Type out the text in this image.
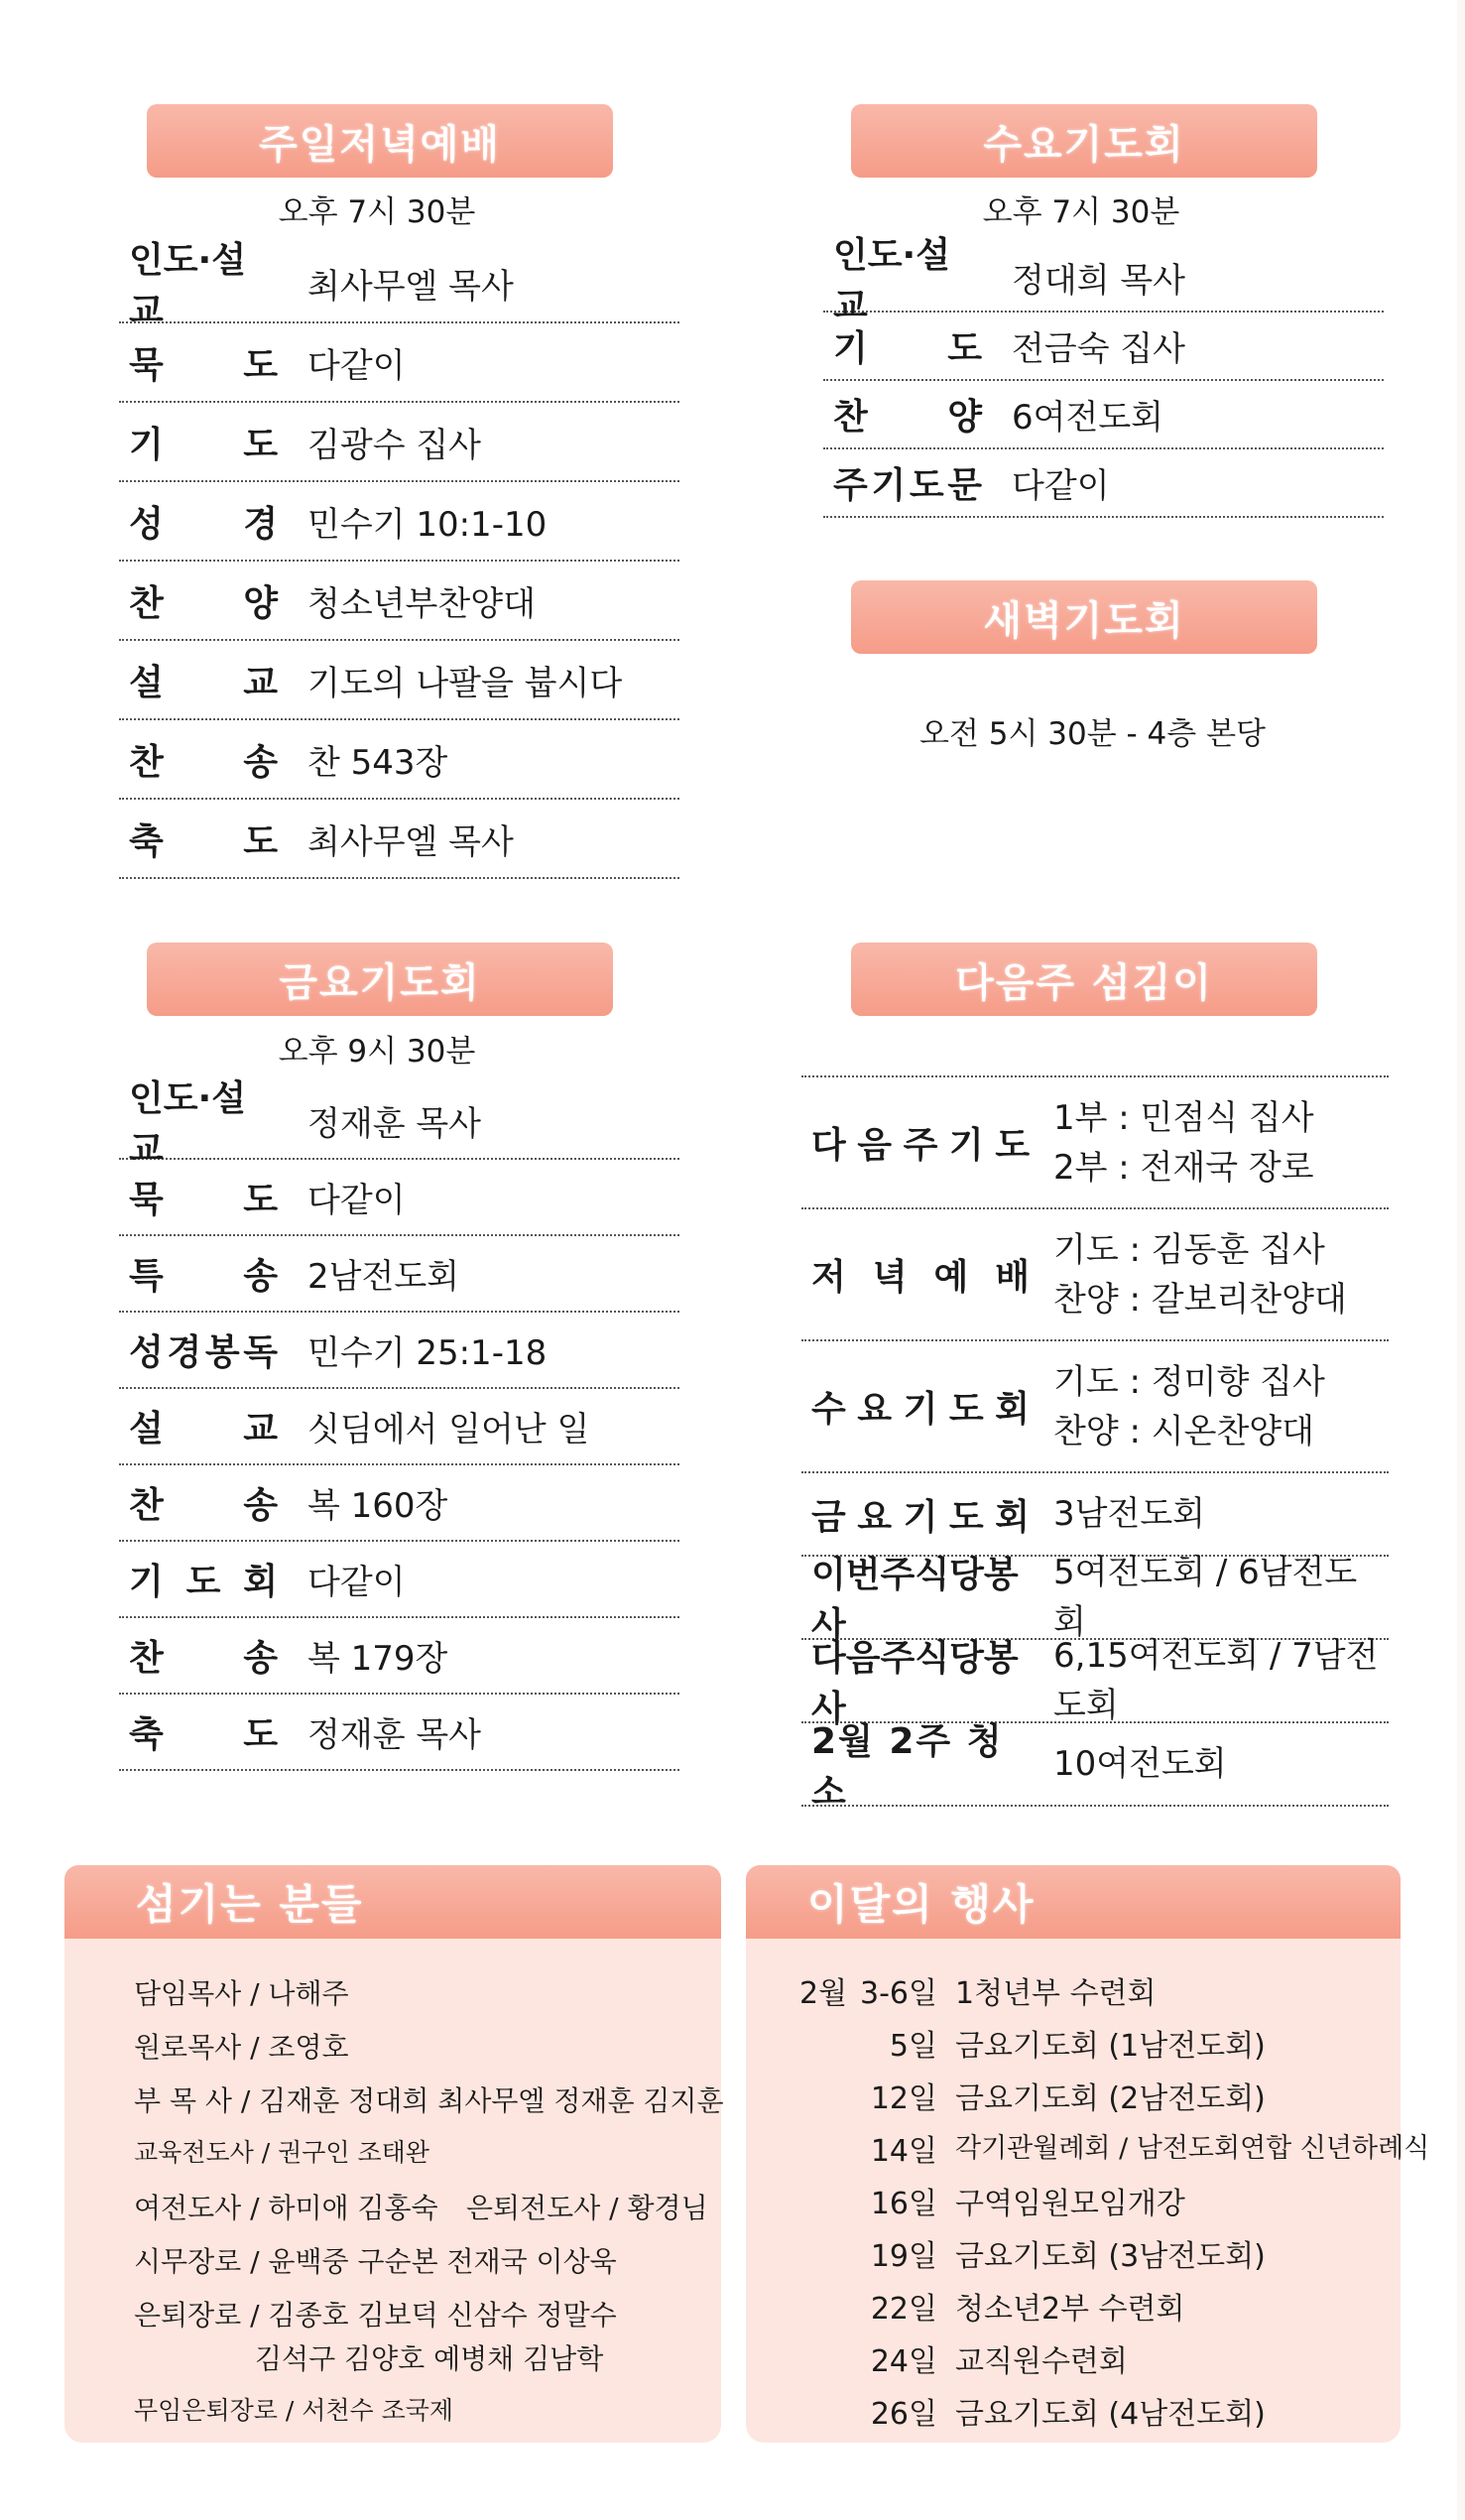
주일저녁예배
오후 7시 30분
인도·설교
최사무엘 목사
묵 도 다같이
기 도 김광수 집사
성 경 민수기 10:1-10
찬 양 청소년부찬양대
설 교 기도의 나팔을 붑시다
찬 송 찬 543장
축 도 최사무엘 목사
수요기도회
오후 7시 30분
인도·설교
정대희 목사
기 도 전금숙 집사
찬 양 6여전도회
주 기 도 문 다같이
새벽기도회
오전 5시 30분 - 4층 본당
금요기도회
오후 9시 30분
인도·설교
정재훈 목사
묵 도 다같이
특 송 2남전도회
성 경 봉 독 민수기 25:1-18
설 교 싯딤에서 일어난 일
찬 송 복 160장
기 도 회 다같이
찬 송 복 179장
축 도 정재훈 목사
다음주 섬김이
다 음 주 기 도
1부 : 민점식 집사
2부 : 전재국 장로
저 녁 예 배
기도 : 김동훈 집사
찬양 : 갈보리찬양대
수 요 기 도 회
기도 : 정미향 집사
찬양 : 시온찬양대
금 요 기 도 회 3남전도회
이번주식당봉사
5여전도회 / 6남전도회
다음주식당봉사
6,15여전도회 / 7남전도회
2월 2주 청 소
10여전도회
섬기는 분들
담임목사 / 나해주
원로목사 / 조영호
부 목 사 / 김재훈 정대희 최사무엘 정재훈 김지훈
교육전도사 / 권구인 조태완
여전도사 / 하미애 김홍숙 은퇴전도사 / 황경님
시무장로 / 윤백중 구순본 전재국 이상욱
은퇴장로 / 김종호 김보덕 신삼수 정말수
김석구 김양호 예병채 김남학
무임은퇴장로 / 서천수 조국제
이달의 행사
2월 3-6일 1청년부 수련회
5일 금요기도회 (1남전도회)
12일 금요기도회 (2남전도회)
14일 각기관월례회 / 남전도회연합 신년하례식
16일 구역임원모임개강
19일 금요기도회 (3남전도회)
22일 청소년2부 수련회
24일 교직원수련회
26일 금요기도회 (4남전도회)
